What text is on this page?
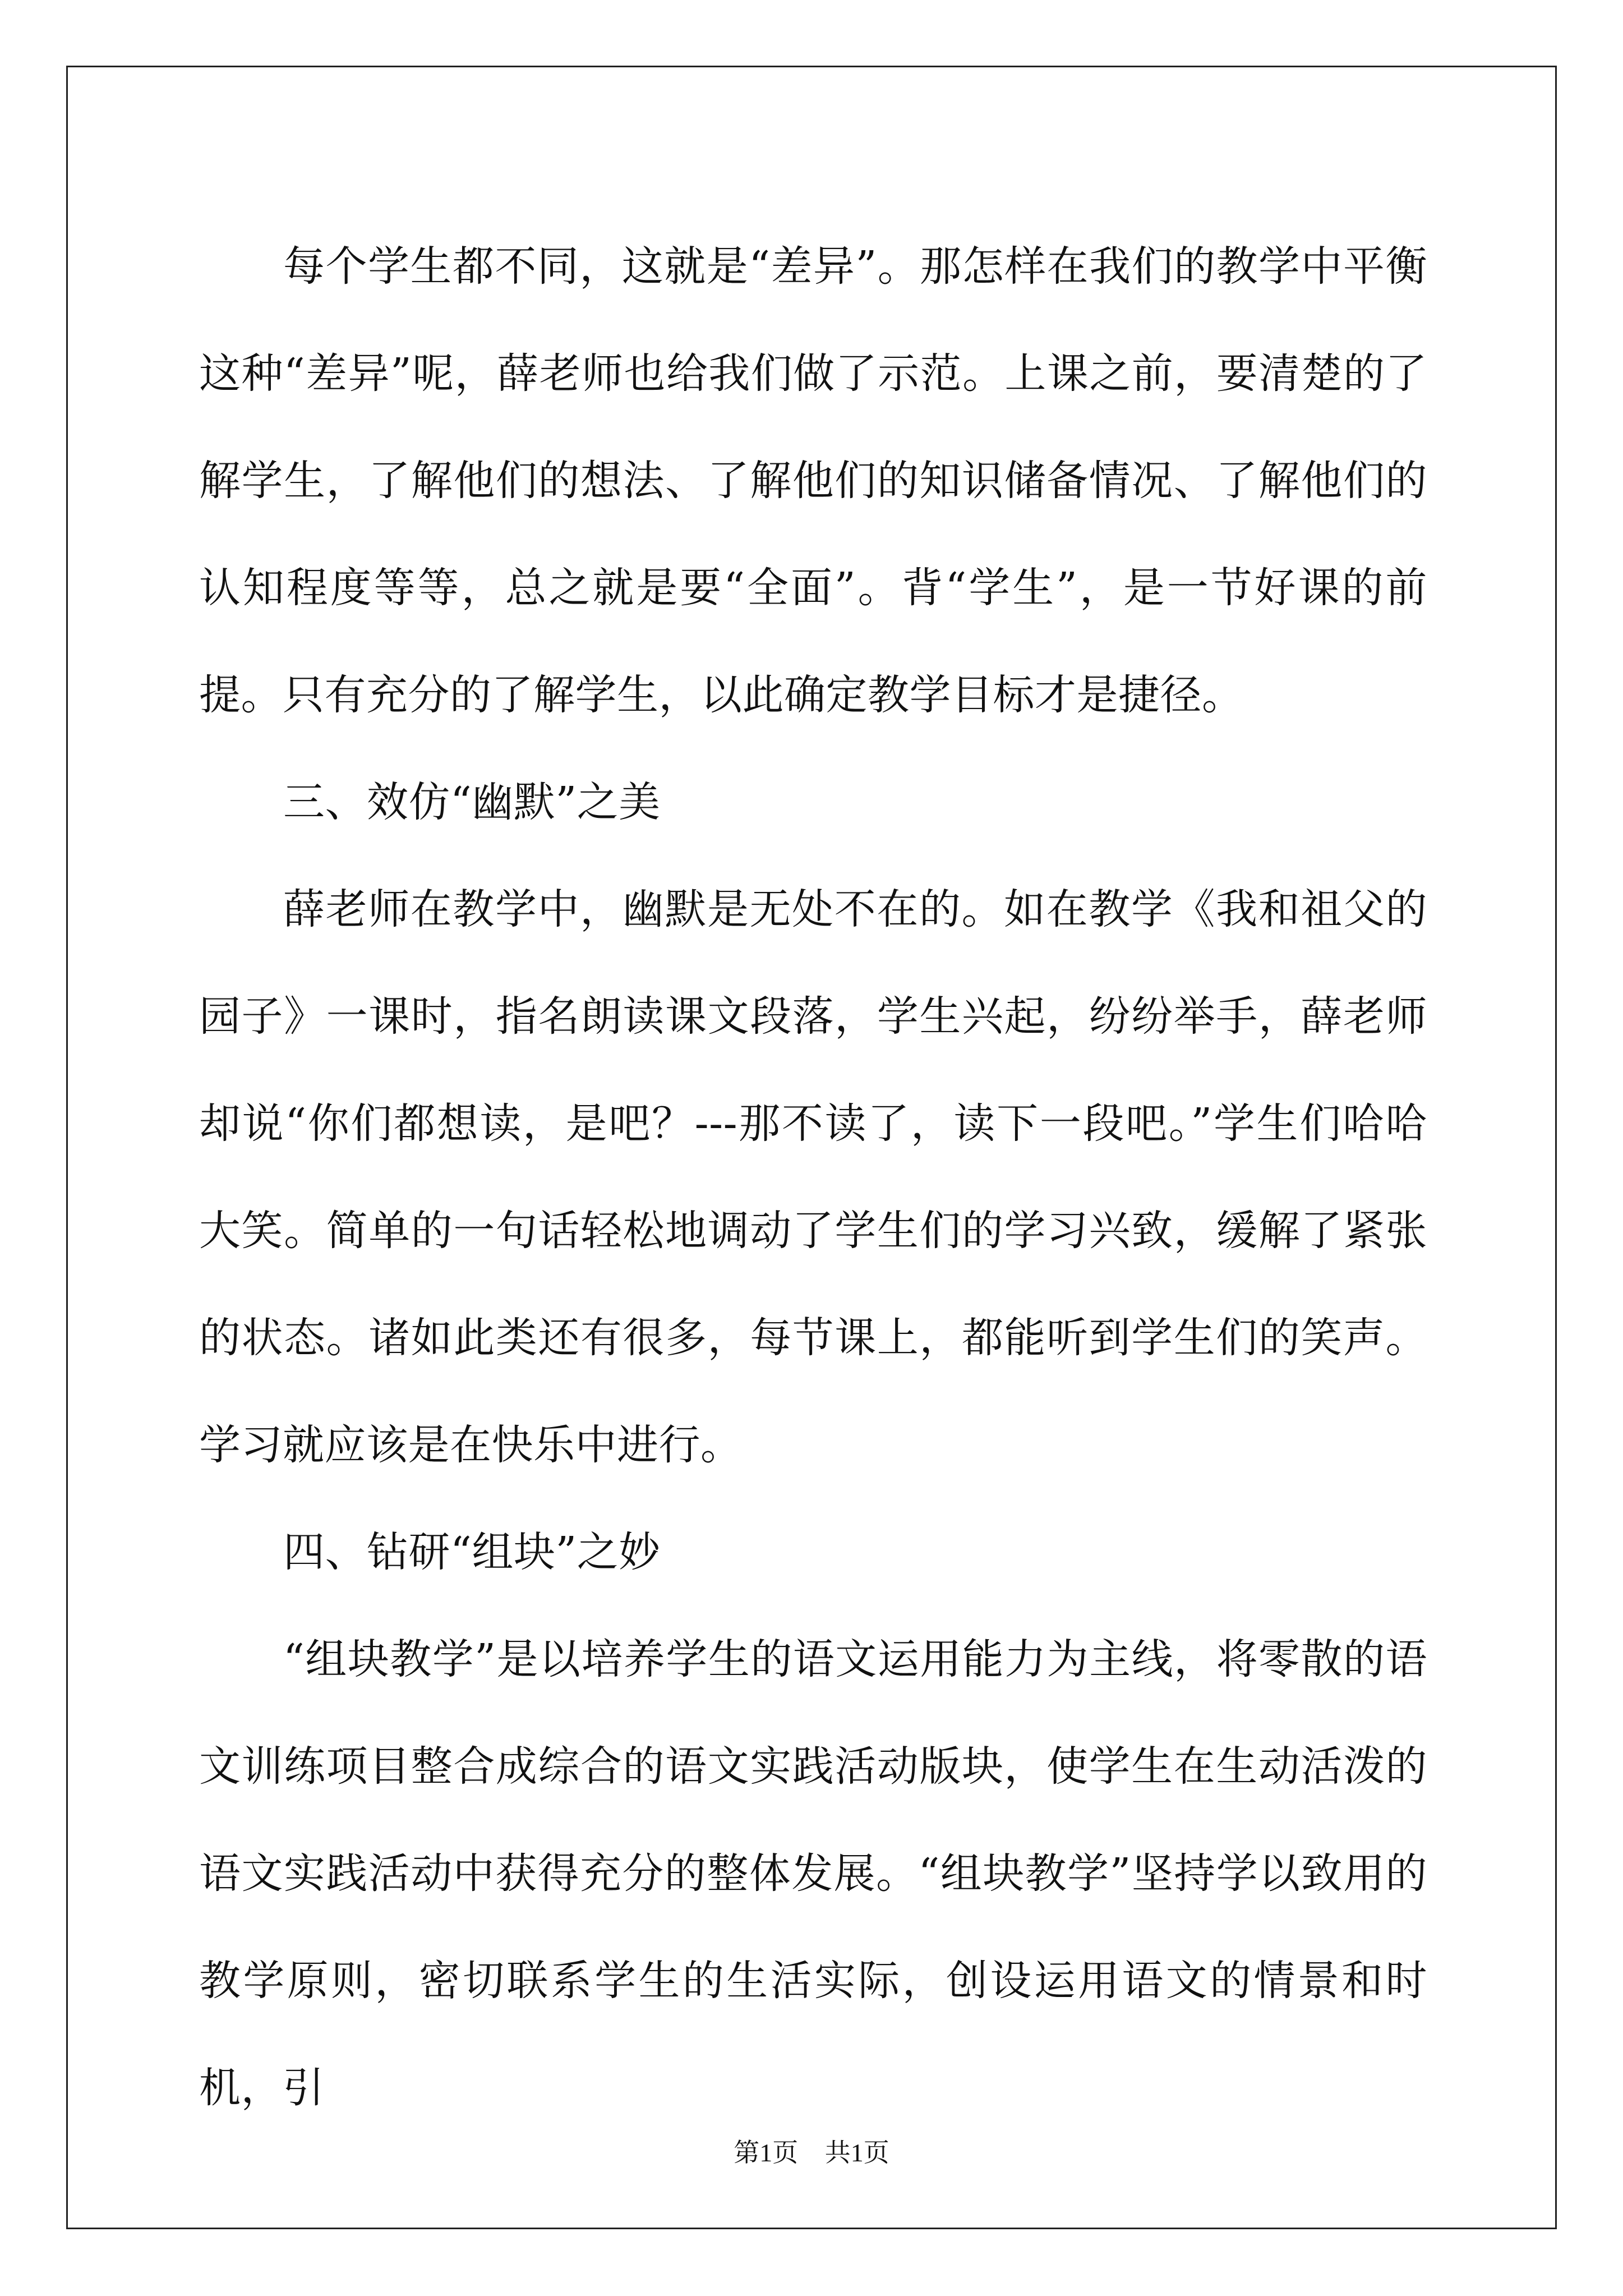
每个学生都不同，这就是“差异”。那怎样在我们的教学中平衡这种“差异”呢，薛老师也给我们做了示范。上课之前，要清楚的了解学生，了解他们的想法、了解他们的知识储备情况、了解他们的认知程度等等，总之就是要“全面”。背“学生”，是一节好课的前提。只有充分的了解学生，以此确定教学目标才是捷径。

三、效仿“幽默”之美

薛老师在教学中，幽默是无处不在的。如在教学《我和祖父的园子》一课时，指名朗读课文段落，学生兴起，纷纷举手，薛老师却说“你们都想读，是吧？---那不读了，读下一段吧。”学生们哈哈大笑。简单的一句话轻松地调动了学生们的学习兴致，缓解了紧张的状态。诸如此类还有很多，每节课上，都能听到学生们的笑声。学习就应该是在快乐中进行。

四、钻研“组块”之妙

“组块教学”是以培养学生的语文运用能力为主线，将零散的语文训练项目整合成综合的语文实践活动版块，使学生在生动活泼的语文实践活动中获得充分的整体发展。“组块教学”坚持学以致用的教学原则，密切联系学生的生活实际，创设运用语文的情景和时机，引

第1页 共1页
